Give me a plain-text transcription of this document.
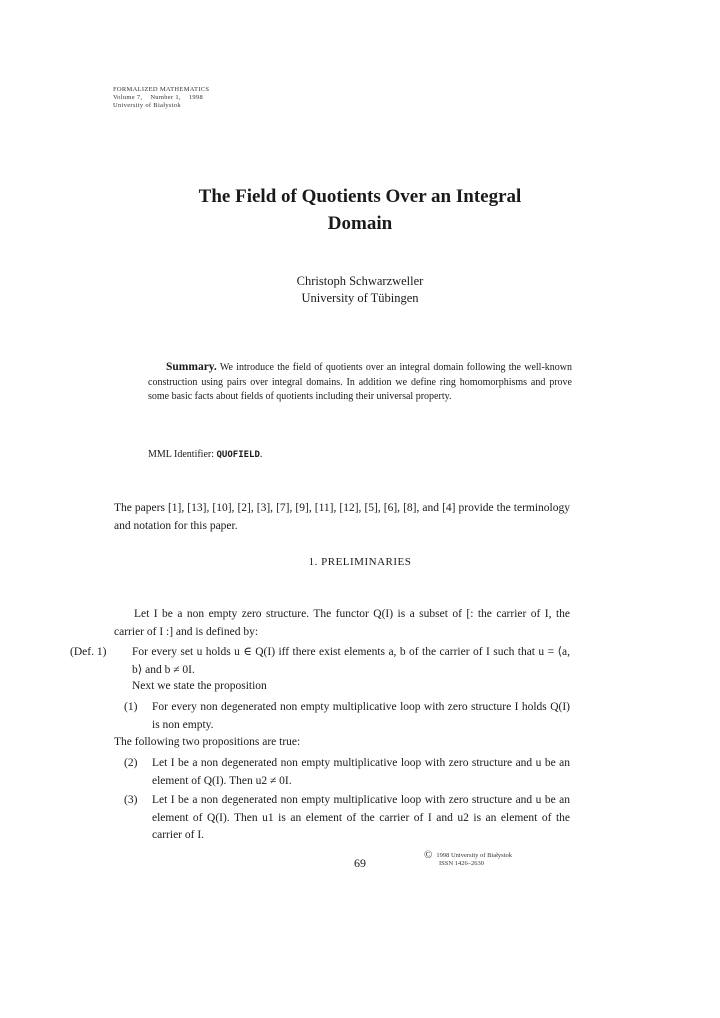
FORMALIZED MATHEMATICS
Volume 7, Number 1, 1998
University of Białystok
The Field of Quotients Over an Integral
Domain
Christoph Schwarzweller
University of Tübingen
Summary. We introduce the field of quotients over an integral domain following the well-known construction using pairs over integral domains. In addition we define ring homomorphisms and prove some basic facts about fields of quotients including their universal property.
MML Identifier: QUOFIELD.
The papers [1], [13], [10], [2], [3], [7], [9], [11], [12], [5], [6], [8], and [4] provide the terminology and notation for this paper.
1. PRELIMINARIES
Let I be a non empty zero structure. The functor Q(I) is a subset of [: the carrier of I, the carrier of I :] and is defined by:
(Def. 1) For every set u holds u ∈ Q(I) iff there exist elements a, b of the carrier of I such that u = ⟨a, b⟩ and b ≠ 0I.
Next we state the proposition
(1) For every non degenerated non empty multiplicative loop with zero structure I holds Q(I) is non empty.
The following two propositions are true:
(2) Let I be a non degenerated non empty multiplicative loop with zero structure and u be an element of Q(I). Then u2 ≠ 0I.
(3) Let I be a non degenerated non empty multiplicative loop with zero structure and u be an element of Q(I). Then u1 is an element of the carrier of I and u2 is an element of the carrier of I.
69
© 1998 University of Białystok
ISSN 1426–2630
